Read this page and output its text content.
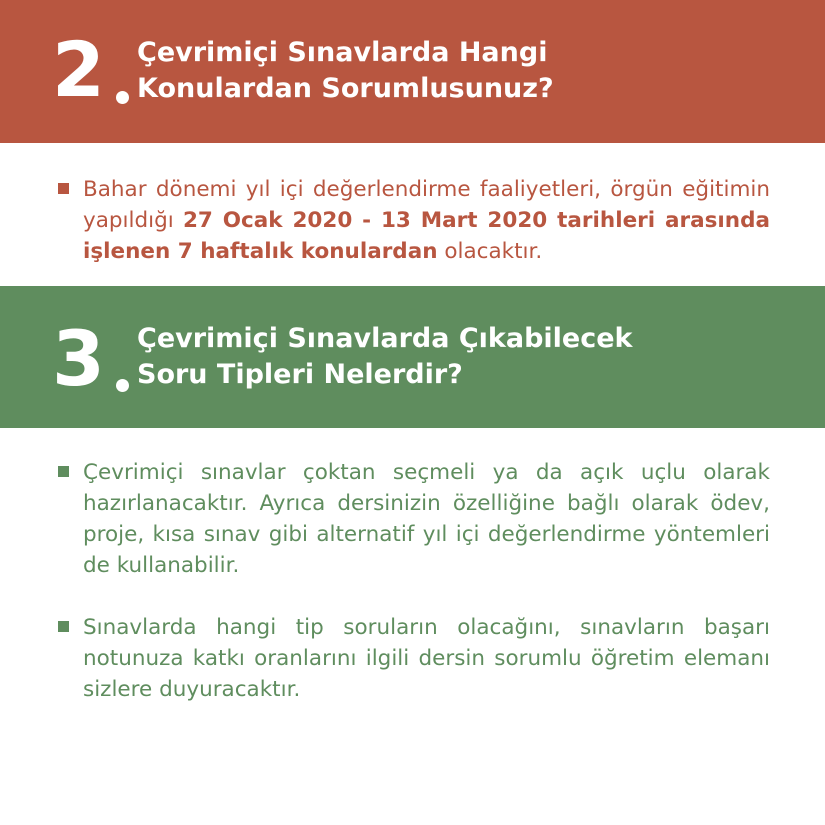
2 Çevrimiçi Sınavlarda Hangi
Konulardan Sorumlusunuz?

Bahar dönemi yıl içi değerlendirme faaliyetleri, örgün eğitimin yapıldığı 27 Ocak 2020 - 13 Mart 2020 tarihleri arasında işlenen 7 haftalık konulardan olacaktır.

3 Çevrimiçi Sınavlarda Çıkabilecek
Soru Tipleri Nelerdir?

Çevrimiçi sınavlar çoktan seçmeli ya da açık uçlu olarak hazırlanacaktır. Ayrıca dersinizin özelliğine bağlı olarak ödev, proje, kısa sınav gibi alternatif yıl içi değerlendirme yöntemleri de kullanabilir.

Sınavlarda hangi tip soruların olacağını, sınavların başarı notunuza katkı oranlarını ilgili dersin sorumlu öğretim elemanı sizlere duyuracaktır.
